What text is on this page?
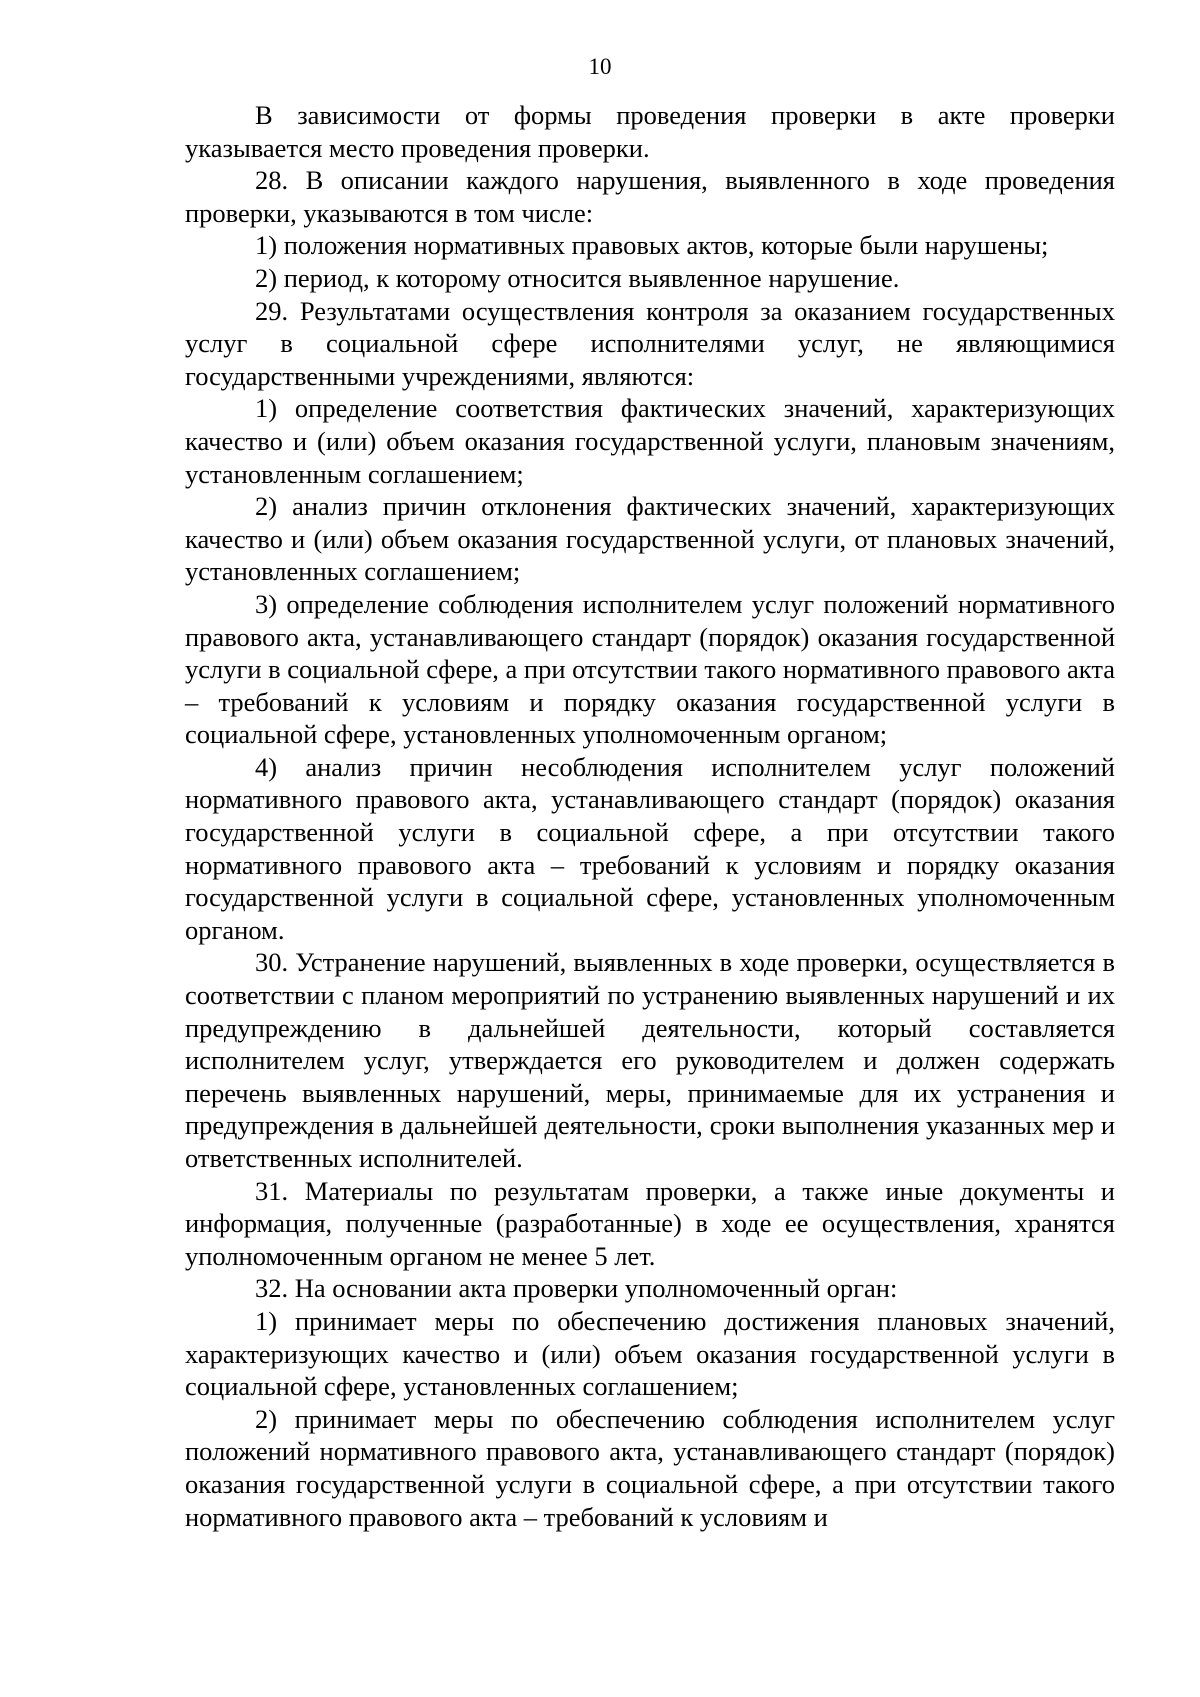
10

В зависимости от формы проведения проверки в акте проверки указывается место проведения проверки.

28. В описании каждого нарушения, выявленного в ходе проведения проверки, указываются в том числе:

1) положения нормативных правовых актов, которые были нарушены;

2) период, к которому относится выявленное нарушение.

29. Результатами осуществления контроля за оказанием государственных услуг в социальной сфере исполнителями услуг, не являющимися государственными учреждениями, являются:

1) определение соответствия фактических значений, характеризующих качество и (или) объем оказания государственной услуги, плановым значениям, установленным соглашением;

2) анализ причин отклонения фактических значений, характеризующих качество и (или) объем оказания государственной услуги, от плановых значений, установленных соглашением;

3) определение соблюдения исполнителем услуг положений нормативного правового акта, устанавливающего стандарт (порядок) оказания государственной услуги в социальной сфере, а при отсутствии такого нормативного правового акта – требований к условиям и порядку оказания государственной услуги в социальной сфере, установленных уполномоченным органом;

4) анализ причин несоблюдения исполнителем услуг положений нормативного правового акта, устанавливающего стандарт (порядок) оказания государственной услуги в социальной сфере, а при отсутствии такого нормативного правового акта – требований к условиям и порядку оказания государственной услуги в социальной сфере, установленных уполномоченным органом.

30. Устранение нарушений, выявленных в ходе проверки, осуществляется в соответствии с планом мероприятий по устранению выявленных нарушений и их предупреждению в дальнейшей деятельности, который составляется исполнителем услуг, утверждается его руководителем и должен содержать перечень выявленных нарушений, меры, принимаемые для их устранения и предупреждения в дальнейшей деятельности, сроки выполнения указанных мер и ответственных исполнителей.

31. Материалы по результатам проверки, а также иные документы и информация, полученные (разработанные) в ходе ее осуществления, хранятся уполномоченным органом не менее 5 лет.

32. На основании акта проверки уполномоченный орган:

1) принимает меры по обеспечению достижения плановых значений, характеризующих качество и (или) объем оказания государственной услуги в социальной сфере, установленных соглашением;

2) принимает меры по обеспечению соблюдения исполнителем услуг положений нормативного правового акта, устанавливающего стандарт (порядок) оказания государственной услуги в социальной сфере, а при отсутствии такого нормативного правового акта – требований к условиям и
